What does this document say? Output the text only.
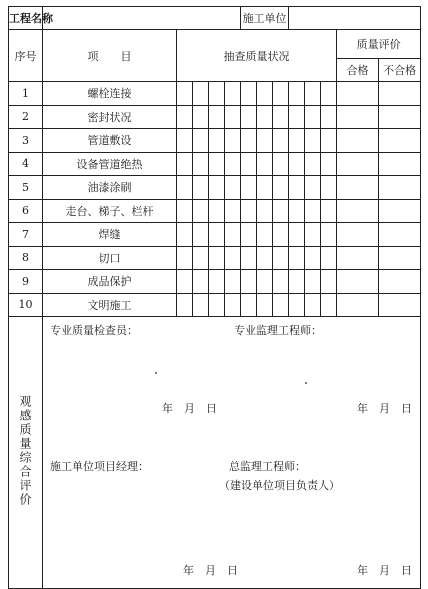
工程名称						施工单位							
序号	项　　目	抽查质量状况										质量评价	
												合格	不合格
1	螺栓连接												
2	密封状况												
3	管道敷设												
4	设备管道绝热												
5	油漆涂刷												
6	走台、梯子、栏杆												
7	焊缝												
8	切口												
9	成品保护												
10	文明施工												
观感质量综合评价													
专业质量检查员：	专业监理工程师：
年　月　日	年　月　日
施工单位项目经理：	总监理工程师：
（建设单位项目负责人）
年　月　日	年　月　日
